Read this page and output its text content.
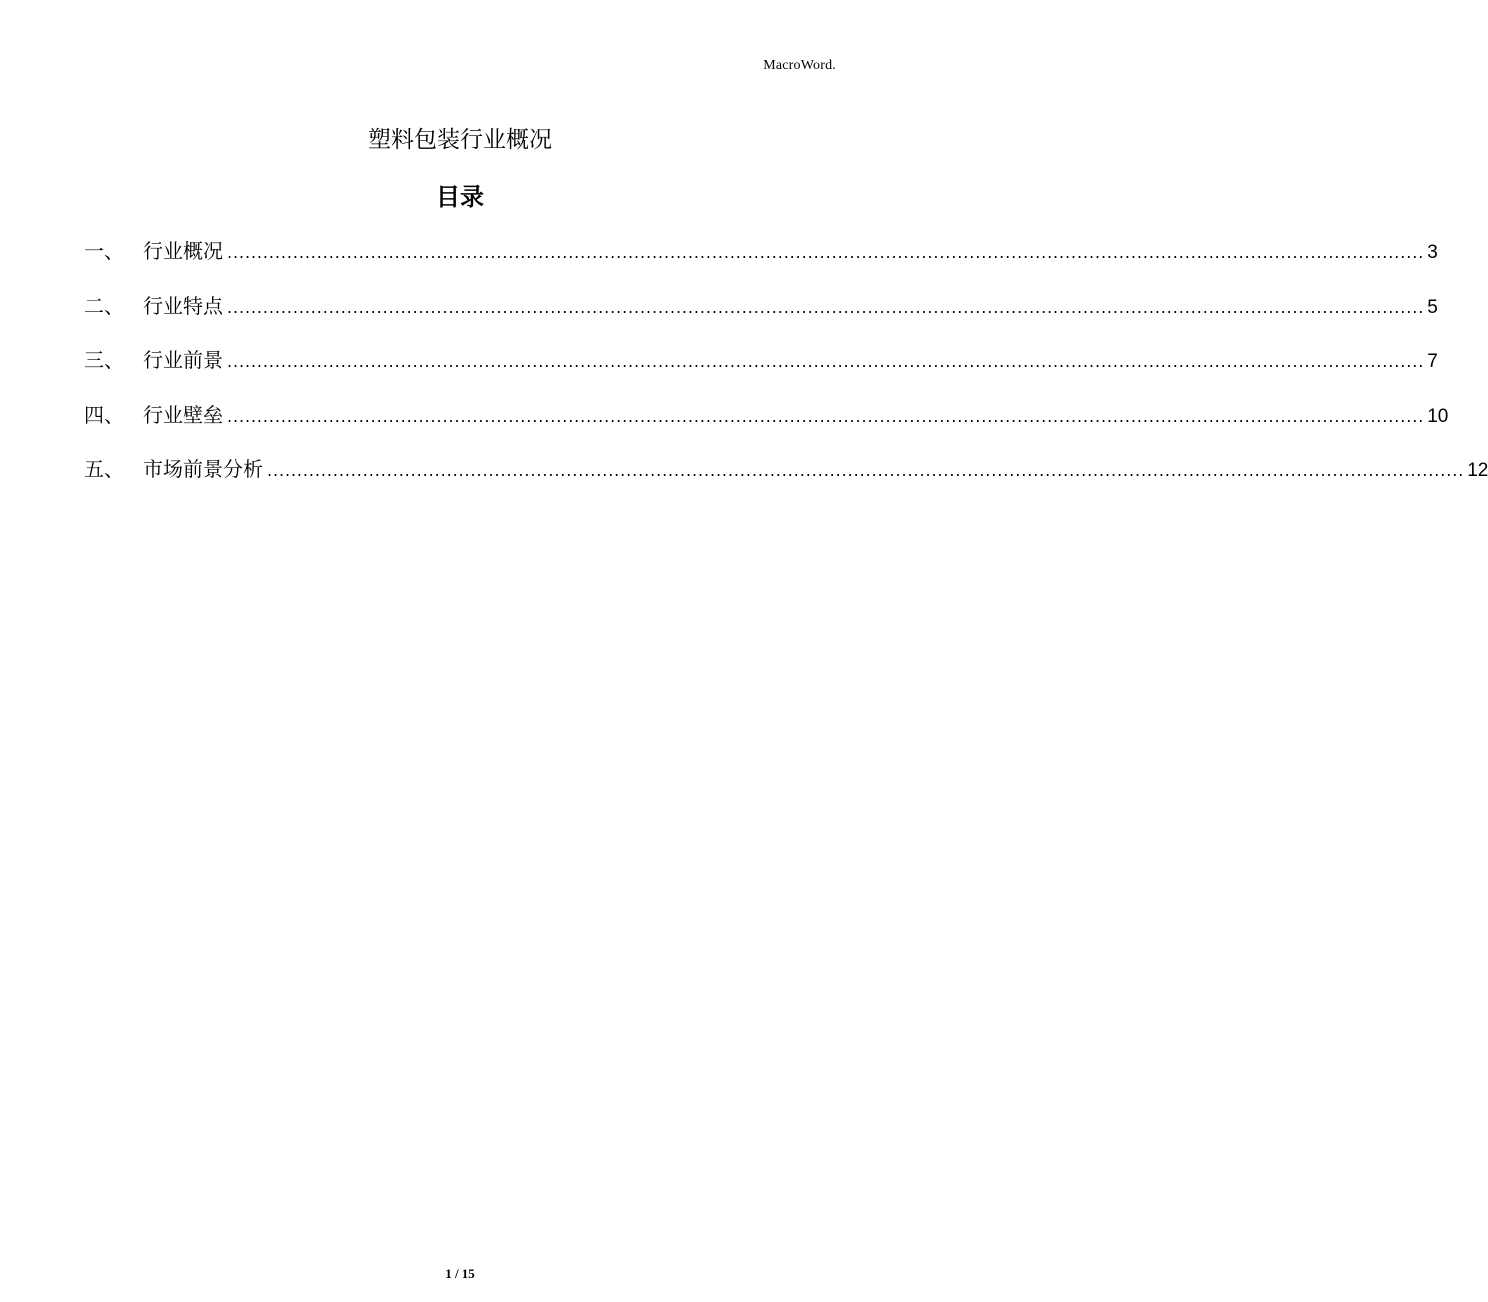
MacroWord.
塑料包装行业概况
目录
一、 行业概况 ........................................................................................................................................................................................................ 3
二、 行业特点 ........................................................................................................................................................................................................ 5
三、 行业前景 ........................................................................................................................................................................................................ 7
四、 行业壁垒 ........................................................................................................................................................................................................ 10
五、 市场前景分析 ........................................................................................................................................................................................................ 12
1 / 15
